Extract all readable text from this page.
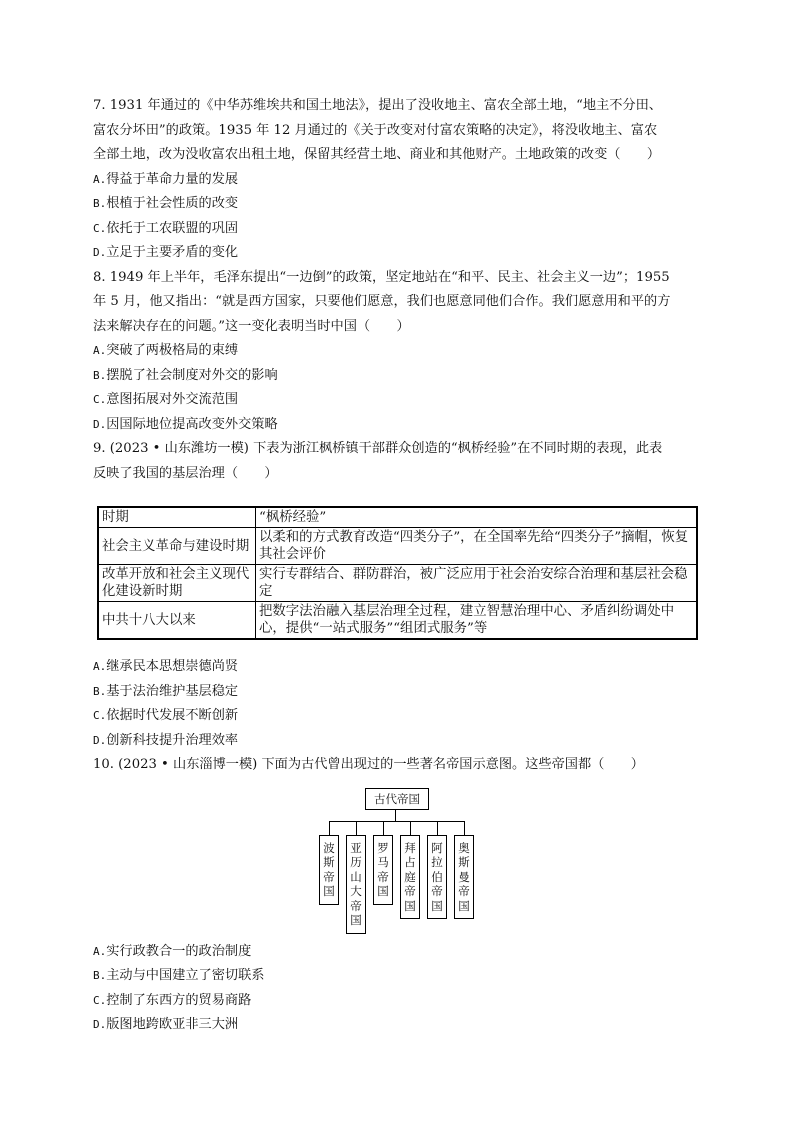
7. 1931 年通过的《中华苏维埃共和国土地法》，提出了没收地主、富农全部土地，“地主不分田、
富农分坏田”的政策。1935 年 12 月通过的《关于改变对付富农策略的决定》，将没收地主、富农
全部土地，改为没收富农出租土地，保留其经营土地、商业和其他财产。土地政策的改变（　　）
A.得益于革命力量的发展
B.根植于社会性质的改变
C.依托于工农联盟的巩固
D.立足于主要矛盾的变化
8. 1949 年上半年，毛泽东提出“一边倒”的政策，坚定地站在“和平、民主、社会主义一边”；1955
年 5 月，他又指出：“就是西方国家，只要他们愿意，我们也愿意同他们合作。我们愿意用和平的方
法来解决存在的问题。”这一变化表明当时中国（　　）
A.突破了两极格局的束缚
B.摆脱了社会制度对外交的影响
C.意图拓展对外交流范围
D.因国际地位提高改变外交策略
9. (2023 • 山东潍坊一模) 下表为浙江枫桥镇干部群众创造的“枫桥经验”在不同时期的表现，此表
反映了我国的基层治理（　　）
时期	“枫桥经验”
社会主义革命与建设时期	以柔和的方式教育改造“四类分子”，在全国率先给“四类分子”摘帽，恢复其社会评价
改革开放和社会主义现代化建设新时期	实行专群结合、群防群治，被广泛应用于社会治安综合治理和基层社会稳定
中共十八大以来	把数字法治融入基层治理全过程，建立智慧治理中心、矛盾纠纷调处中心，提供“一站式服务”“组团式服务”等
A.继承民本思想崇德尚贤
B.基于法治维护基层稳定
C.依据时代发展不断创新
D.创新科技提升治理效率
10. (2023 • 山东淄博一模) 下面为古代曾出现过的一些著名帝国示意图。这些帝国都（　　）
古代帝国
波斯帝国
亚历山大帝国
罗马帝国
拜占庭帝国
阿拉伯帝国
奥斯曼帝国
A.实行政教合一的政治制度
B.主动与中国建立了密切联系
C.控制了东西方的贸易商路
D.版图地跨欧亚非三大洲
